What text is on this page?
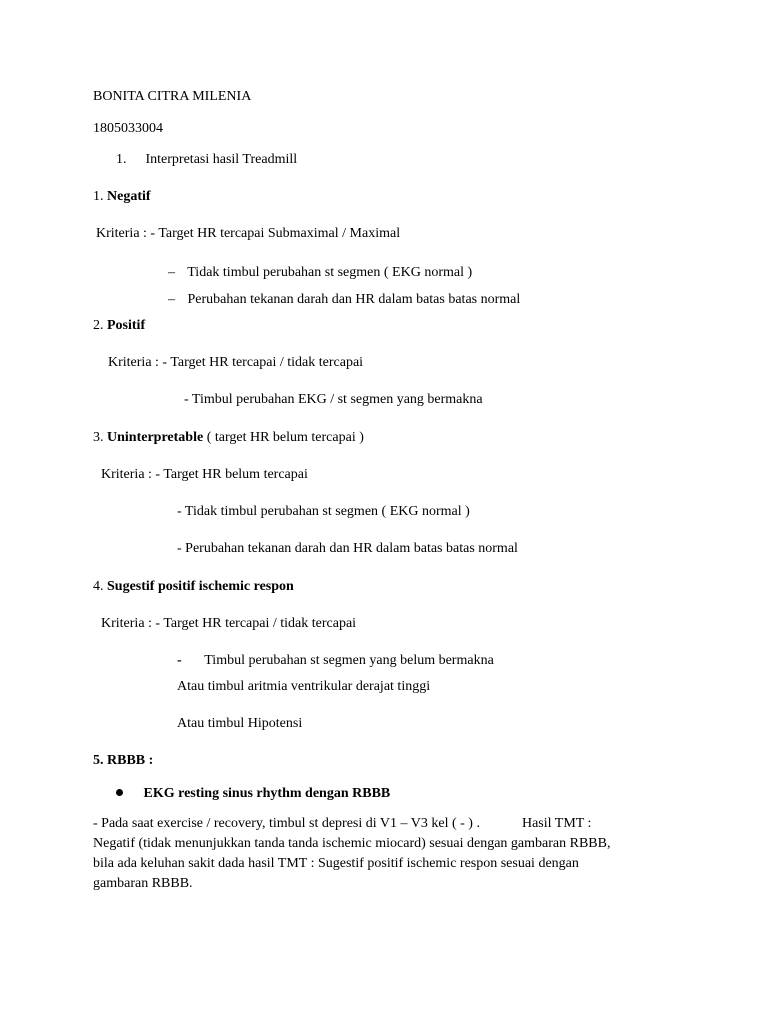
BONITA CITRA MILENIA
1805033004
1. Interpretasi hasil Treadmill
1. Negatif
Kriteria : - Target HR tercapai Submaximal / Maximal
– Tidak timbul perubahan st segmen ( EKG normal )
– Perubahan tekanan darah dan HR dalam batas batas normal
2. Positif
Kriteria : - Target HR tercapai / tidak tercapai
- Timbul perubahan EKG / st segmen yang bermakna
3. Uninterpretable ( target HR belum tercapai )
Kriteria : - Target HR belum tercapai
- Tidak timbul perubahan st segmen ( EKG normal )
- Perubahan tekanan darah dan HR dalam batas batas normal
4. Sugestif positif ischemic respon
Kriteria : - Target HR tercapai / tidak tercapai
- Timbul perubahan st segmen yang belum bermakna
Atau timbul aritmia ventrikular derajat tinggi
Atau timbul Hipotensi
5. RBBB :
EKG resting sinus rhythm dengan RBBB
- Pada saat exercise / recovery, timbul st depresi di V1 – V3 kel ( - ) .            Hasil TMT :
Negatif (tidak menunjukkan tanda tanda ischemic miocard) sesuai dengan gambaran RBBB,
bila ada keluhan sakit dada hasil TMT : Sugestif positif ischemic respon sesuai dengan
gambaran RBBB.
